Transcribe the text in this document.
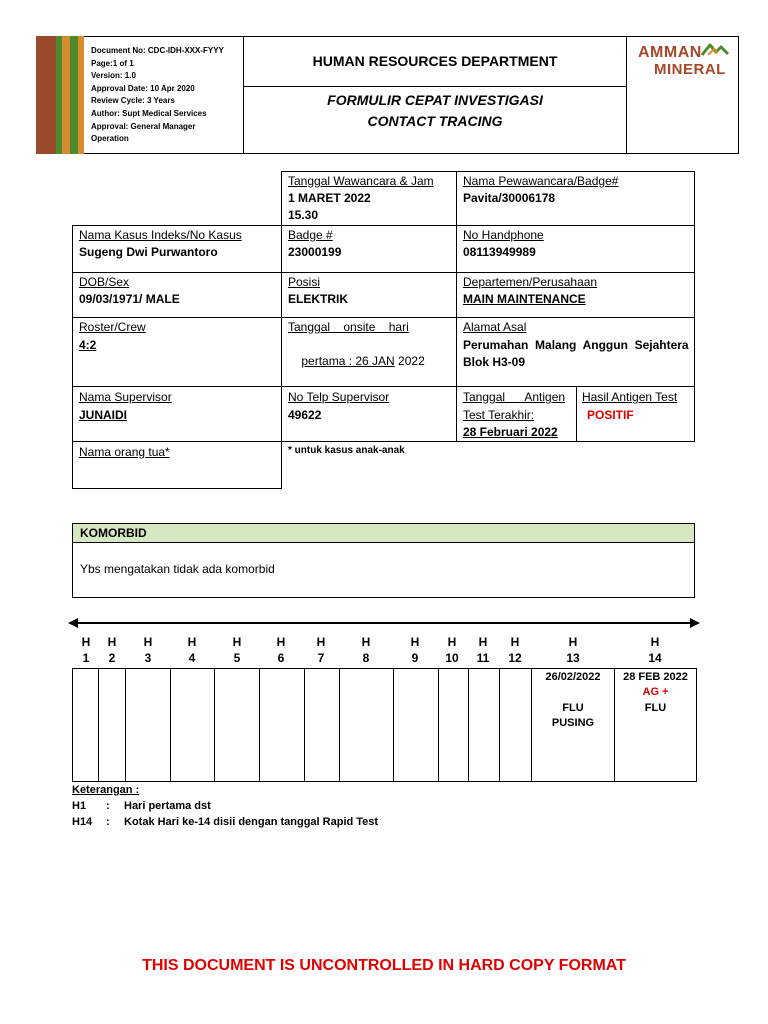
Document No: CDC-IDH-XXX-FYYY
Page:1 of 1
Version: 1.0
Approval Date: 10 Apr 2020
Review Cycle: 3 Years
Author: Supt Medical Services
Approval: General Manager
Operation
HUMAN RESOURCES DEPARTMENT
FORMULIR CEPAT INVESTIGASI
CONTACT TRACING
AMMAN
MINERAL
Tanggal Wawancara & Jam
1 MARET 2022
15.30
Nama Pewawancara/Badge#
Pavita/30006178
Nama Kasus Indeks/No Kasus
Sugeng Dwi Purwantoro
Badge #
23000199
No Handphone
08113949989
DOB/Sex
09/03/1971/ MALE
Posisi
ELEKTRIK
Departemen/Perusahaan
MAIN MAINTENANCE
Roster/Crew
4:2
Tanggal    onsite    hari

pertama : 26 JAN 2022

Alamat Asal
Perumahan  Malang  Anggun  Sejahtera
Blok H3-09
Nama Supervisor
JUNAIDI
No Telp Supervisor
49622
Tanggal      Antigen
Test Terakhir:
28 Februari 2022
Hasil Antigen Test
POSITIF
Nama orang tua*	* untuk kasus anak-anak
KOMORBID
Ybs mengatakan tidak ada komorbid
H
1
H
2
H
3
H
4
H
5
H
6
H
7
H
8
H
9
H
10
H
11
H
12
H
13
H
14
26/02/2022
FLU
PUSING
28 FEB 2022
AG +
FLU
Keterangan :
H1 : Hari pertama dst
H14 : Kotak Hari ke-14 disii dengan tanggal Rapid Test
THIS DOCUMENT IS UNCONTROLLED IN HARD COPY FORMAT
